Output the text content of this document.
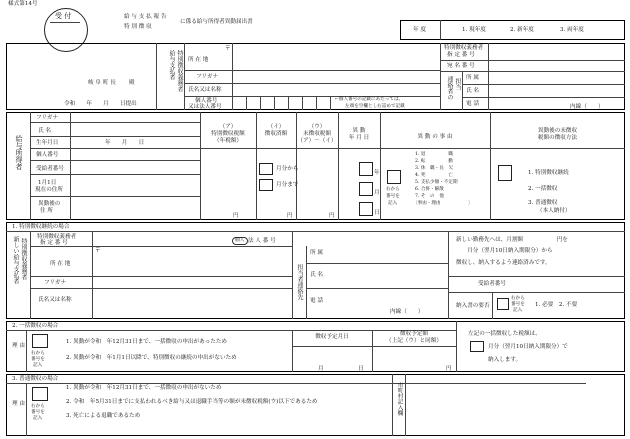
様式第14号
受 付	給 与 支 払 報 告
特 別 徴 収
に係る給与所得者異動届出書
年 度	1. 現年度	2. 新年度	3. 両年度
岐 阜 町 長 殿
令和　　年　　月　　日提出
給与支払者 特別徴収義務者 所 在 地
〒
フリガナ
氏名又は名称
個人番号
又は法人番号
←個人番号の記載にあたっては、
左端を空欄とし右詰めで記載
特別徴収義務者
指 定 番 号
宛 名 番 号
連絡者の 担当 所 属
氏 名
電 話	内線（　　）
給与所得者
フリガナ
氏 名
生年月日	年　　月　　日
個人番号
受給者番号
1月1日
現在の住所
異動後の
住 所
（ア）
特別徴収税額
（年税額）
（イ）
徴収済額
（ウ）
未徴収税額
（ア）－（イ）
異 動
年 月 日	異 動 の 事 由
異動後の未徴収
税額の徴収方法
円	円	円
月分から
月分まで
年
月
日
右から
番号を
記入
1. 退　　　　　職
2. 転　　　　　勤
3. 休　職・長　欠
4. 死　　　　　亡
5. 支払少額・不定期
6. 合併・解散
7. そ　の　他
〔事由・理由　　　　　　〕
1. 特別徴収継続
2. 一括徴収
3. 普通徴収
（本人納付）
1. 特別徴収継続の場合
新しい給与支払者 特別徴収義務者
特別徴収義務者
指 定 番 号	個人 法 人 番 号
〒
所 在 地
フリガナ
氏名又は名称	担当者連絡先
所 属
氏 名
電 話
内線（　　）
新しい勤務先へは、月割額　　　　　　円を
　　月分（翌月10日納入期限分）から
徴収し、納入するよう連絡済みです。
受給者番号
納入書の要否
右から
番号を
記入
1. 必要　2. 不要
2. 一括徴収の場合
理 由
右から
番号を
記入
1. 異動が令和　年12月31日まで、一括徴収の申出があったため
2. 異動が令和　年1月1日以降で、特別徴収の継続の申出がないため
徴収予定月日	徴収予定額
（上記（ウ）と同額）
月	日	円
左記の一括徴収した税額は、
月分（翌月10日納入期限分）で
納入します。
3. 普通徴収の場合
理 由 右から
番号を
記入
1. 異動が令和　年12月31日まで、一括徴収の申出がないため
2. 令和　年5月31日までに支払われるべき給与又は退職手当等の額が未徴収税額(ウ)以下であるため
3. 死亡による退職であるため
市町村記入欄
